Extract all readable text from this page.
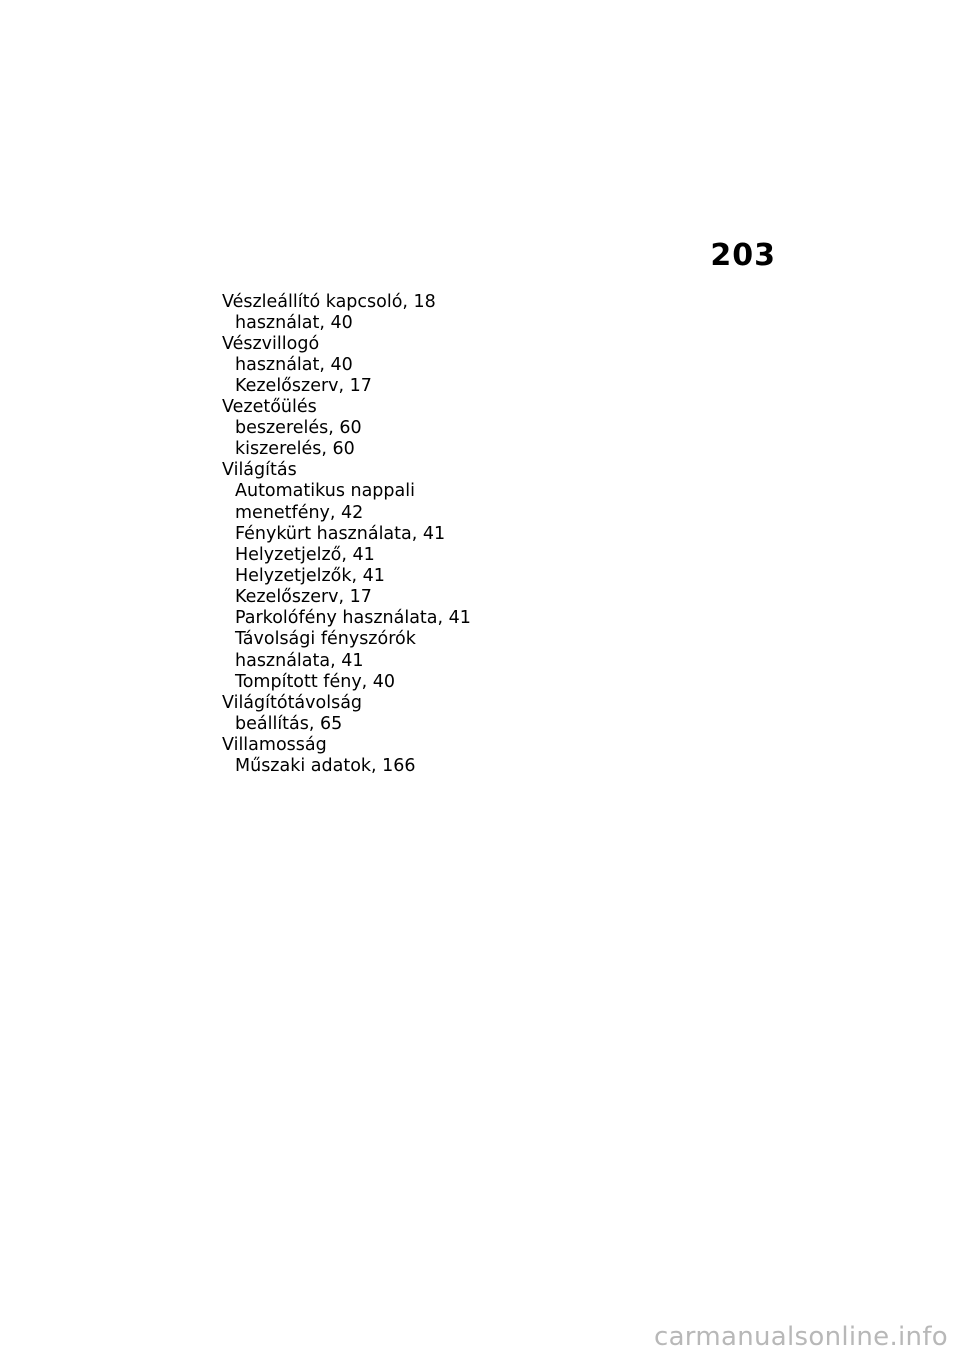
203
Vészleállító kapcsoló, 18
használat, 40
Vészvillogó
használat, 40
Kezelőszerv, 17
Vezetőülés
beszerelés, 60
kiszerelés, 60
Világítás
Automatikus nappali
menetfény, 42
Fénykürt használata, 41
Helyzetjelző, 41
Helyzetjelzők, 41
Kezelőszerv, 17
Parkolófény használata, 41
Távolsági fényszórók
használata, 41
Tompított fény, 40
Világítótávolság
beállítás, 65
Villamosság
Műszaki adatok, 166
carmanualsonline.info
